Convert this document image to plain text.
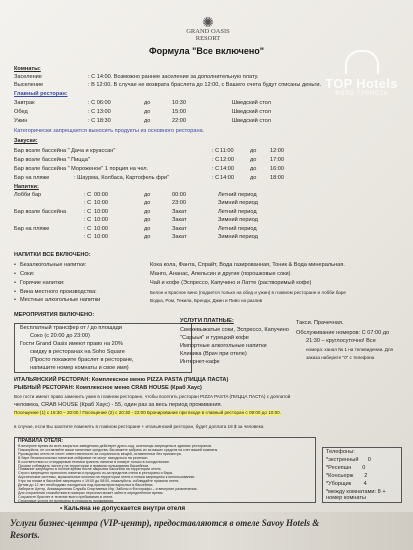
✺
GRAND OASIS
RESORT
TOP Hotels
ФОТО ТУРИСТА
Формула "Все включено"
Комнаты:
Заселение	: С 14:00. Возможно раннее заселение за дополнительную плату.
Выселение	: В 12:00. В случае не возврата браслета до 12:00, с Вашего счета будут списаны деньги.
Главный ресторан:
Завтрак	: С 06:00	до	10:30	Шведский стол
Обед	: С 13:00	до	15:00	Шведский стол
Ужин	: С 18:30	до	22:00	Шведский стол
Категорически запрещается выносить продукты из основного ресторана.
Закуски:
Бар возле бассейна " Дача и круассан"	: С 11:00	до 12:00
Бар возле бассейна " Пицца"	: С 12:00	до 17:00
Бар возле бассейна " Мороженое" 1 порция на чел.	: С 14:00	до 16:00
Бар на пляже	: Шаурма, Колбаса, Картофель фри"	: С 14:00	до 18:00
Напитки:
Лобби бар	: С 00:00	до	00:00	Летний период
: С 10:00	до	23:00	Зимний период
Бар возле бассейна	: С 10:00	до	Закат	Летний период
: С 10:00	до	Закат	Зимний период
Бар на пляже	: С 10:00	до	Закат	Летний период
: С 10:00	до	Закат	Зимний период
НАПИТКИ ВСЕ ВКЛЮЧЕНО:
• Безалкогольные напитки:	Кока кола, Фанта, Спрайт, Вода газированная, Тоник & Вода минеральная.
• Соки:	Манго, Ананас, Апельсин и другие (порошковые соки)
• Горячие напитки:	Чай и кофе (Эспрессо, Капучино и Латте (растворимый кофе)
• Вина местного производства:	Белое и Красное вино (подается только на обед и ужин) в главном ресторане и лобби баре
• Местные алкогольные напитки	Водка, Ром, Текила, Бренди, Джин и Пиво на разлив
МЕРОПРИЯТИЯ ВКЛЮЧЕНО:
Бесплатный трансфер от / до площади
Соко (с 20:00 до 23:00)
Гости Grand Oasis имеют право на 20%
скидку в ресторанах на Soho Square
(Просто покажите браслет в ресторане,
напишите номер комнаты и свое имя)
УСЛУГИ ПЛАТНЫЕ:
Свежевыжатые соки, Эспрессо, Капучино
"Сарыья" и турецкий кофе
Импортные алкогольные напитки
Клиника (Врач при отеле)
Интернет-кафе
Такси. Прачечная.
Обслуживание номеров: С 07:00 до
21:30 – круглосуточно! Все
номера: канал № 1 на телевидении. Для
заказа наберите "0" с телефона
ИТАЛЬЯНСКИЙ РЕСТОРАН: Комплексное меню PIZZA PASTA (ПИЦЦА ПАСТА)
РЫБНЫЙ РЕСТОРАН: Комплексное меню CRAB HOUSE (Краб Хаус)
Все гости имеют право заменить ужин в главном ресторане, чтобы посетить ресторан PIZZA PASTA (ПИЦЦА ПАСТА) с доплатой
человека, CRAB HOUSE (Краб Хаус) - 55, один раз за весь период проживания.
Посещение (1) с 18:30 – 20:00 / Посещение (2) с 20:30 - 22:00 Бронирование при входе в главный ресторан с 09:00 до 10:00.
в случае, если Вы захотите поменять в главном ресторане + итальянский ресторан, будет доплата 18 $ за человека
ПРАВИЛА ОТЕЛЯ:
В вечернее время во всех закрытых заведениях действует дресс-код, шлепанцы запрещены в зданиях ресторанов.
Пожалуйста, не оставляйте ваши наличные средства. Вы можете забрать их из ваших средств на счет вашей комнаты.
Руководство отеля не несет ответственности за сохранность вещей, оставленных без присмотра.
В баре безалкогольных напитков сейфовые не могут находиться на ресепшн.
В соответствии со стандартами техники хранить напитки в номере только в холодильнике.
Просим соблюдать чистоту на территории и правила пользования бассейном.
Плавание запрещено в ночное время после закрытия бассейна на территории отеля.
Строго запрещено приносить напитки и продукты из-за пределов отеля в рестораны и бары.
Акустические системы, музыкальные колонки на территории отеля и пляжа запрещены к использованию.
Утро на пляже в бассейне запрещено с 19:00 до 08:00, пожалуйста, соблюдайте правила отеля.
Детям до 12 лет необходимо находиться под присмотром взрослых в бассейнах.
Заберите Центр, Анимационная Служба Спортивных Игр, Заботы и Фотографы – и вечерние развлечения.
Для сохранения спокойствия в номерах персонал может зайти в определённое время.
Сохраните браслет в течение всего пребывания в отеле.
Страховые услуги не включены в стоимость проживания.
Телефоны:
*экстренный 0
*Ресепшн 0
*Консьерж 2
*Уборщик 4
*между комнатами: 8 +
номер комнаты
▪ Кальяна не допускается внутри отеля
Услуги бизнес-центра (VIP-центр), предоставляются в отеле Savoy Hotels &
Resorts.
